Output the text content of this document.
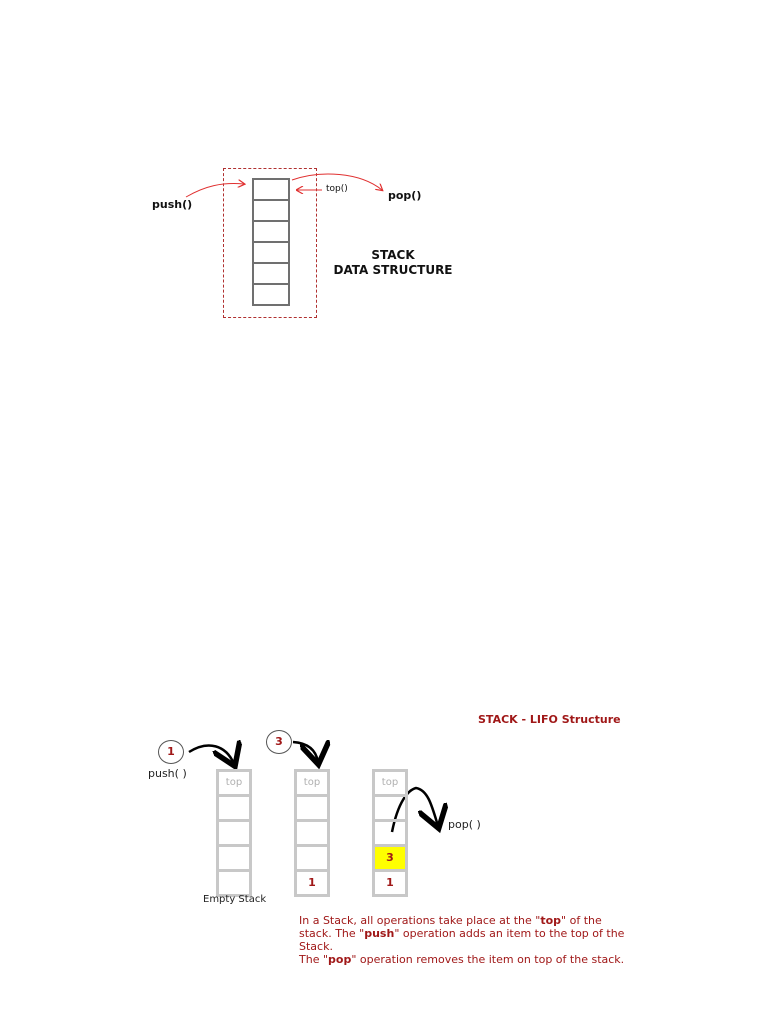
push()
top()	pop()
STACK
DATA STRUCTURE
STACK - LIFO Structure
1
3
push( )
pop( )
top	top
1
top
3
1
Empty Stack
In a Stack, all operations take place at the "top" of the
stack. The "push" operation adds an item to the top of the
Stack.
The "pop" operation removes the item on top of the stack.
